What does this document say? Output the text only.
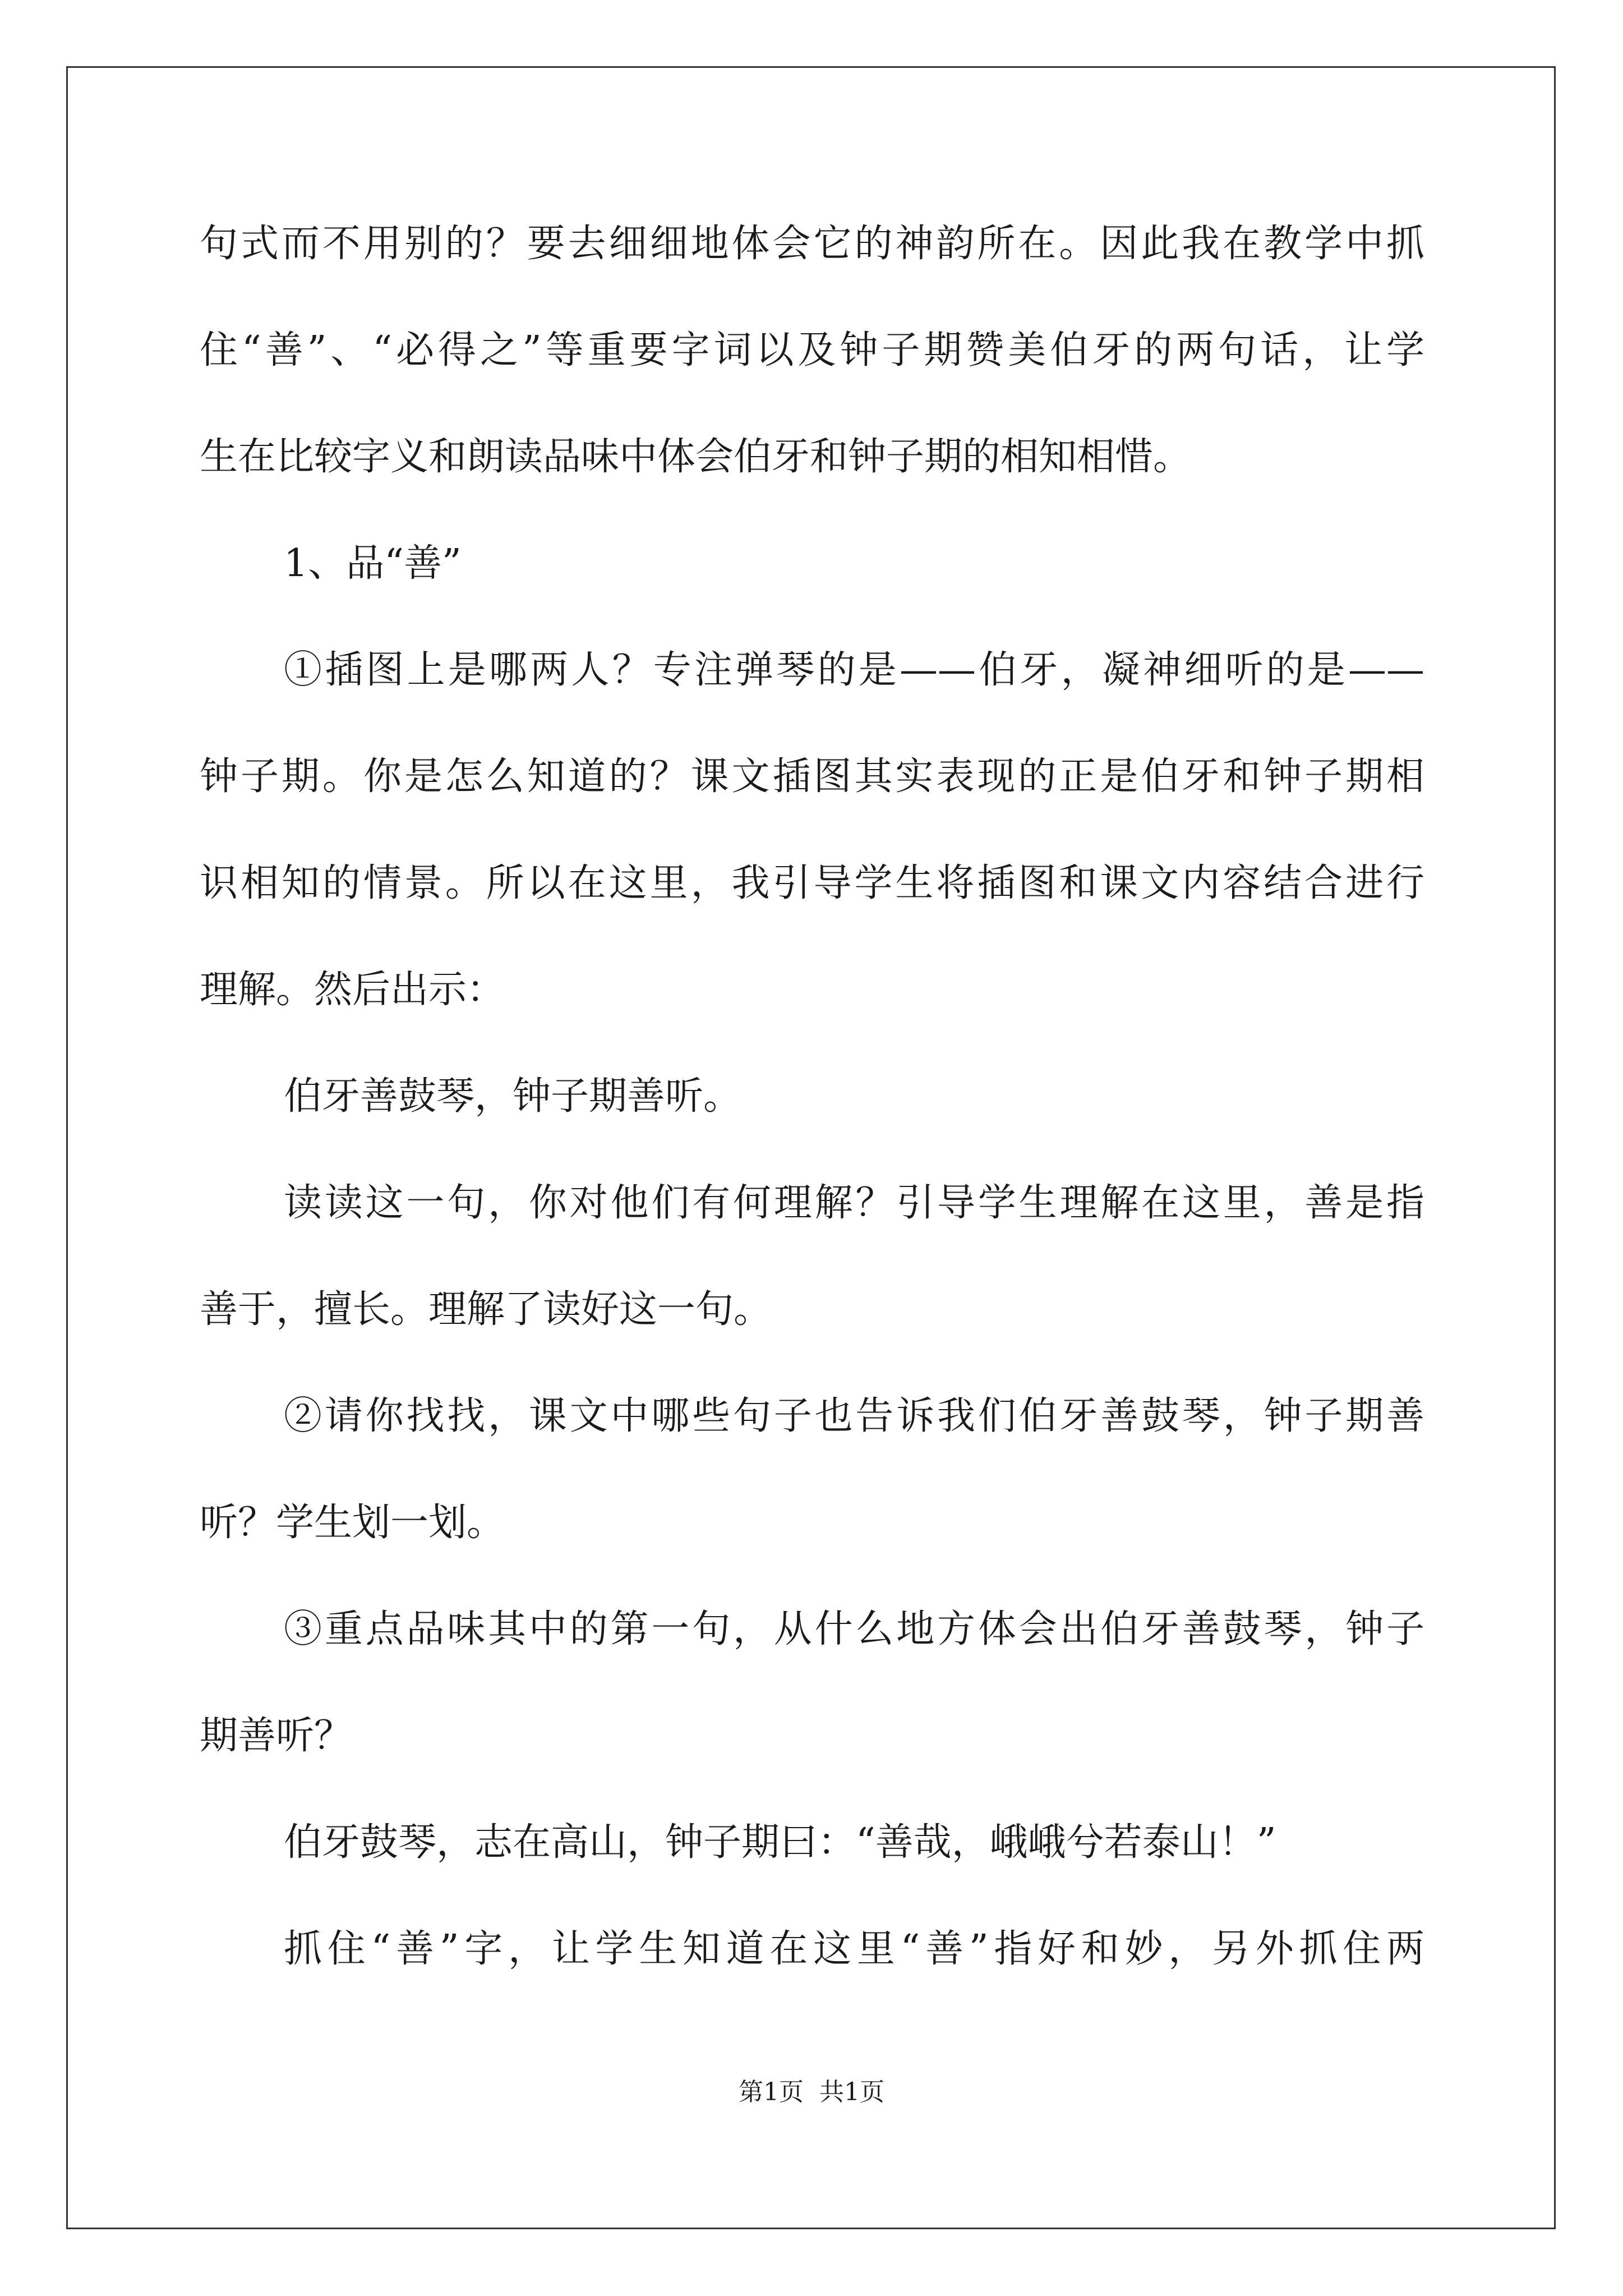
句式而不用别的？要去细细地体会它的神韵所在。因此我在教学中抓
住“善”、“必得之”等重要字词以及钟子期赞美伯牙的两句话，让学
生在比较字义和朗读品味中体会伯牙和钟子期的相知相惜。
1、品“善”
①插图上是哪两人？专注弹琴的是——伯牙，凝神细听的是——
钟子期。你是怎么知道的？课文插图其实表现的正是伯牙和钟子期相
识相知的情景。所以在这里，我引导学生将插图和课文内容结合进行
理解。然后出示：
伯牙善鼓琴，钟子期善听。
读读这一句，你对他们有何理解？引导学生理解在这里，善是指
善于，擅长。理解了读好这一句。
②请你找找，课文中哪些句子也告诉我们伯牙善鼓琴，钟子期善
听？学生划一划。
③重点品味其中的第一句，从什么地方体会出伯牙善鼓琴，钟子
期善听？
伯牙鼓琴，志在高山，钟子期曰：“善哉，峨峨兮若泰山！”
抓住“善”字，让学生知道在这里“善”指好和妙，另外抓住两
第1页 共1页
